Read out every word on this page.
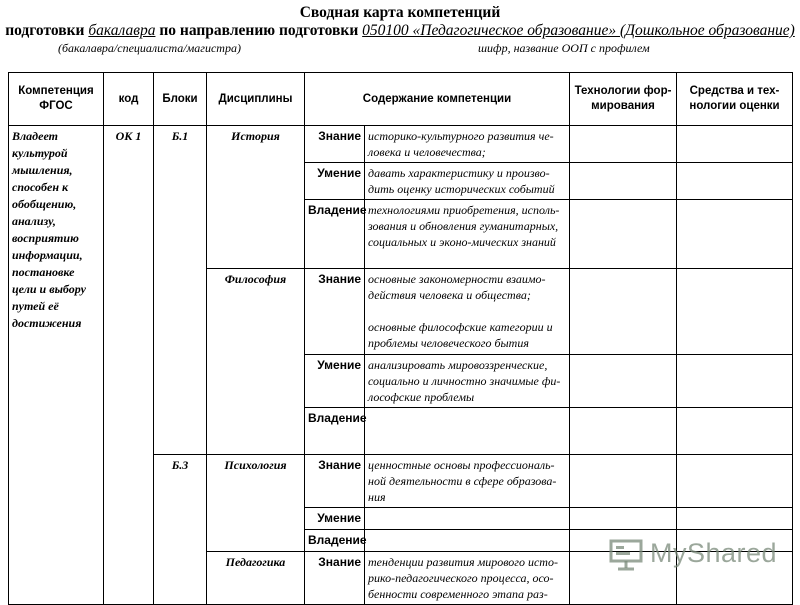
Сводная карта компетенций
подготовки бакалавра по направлению подготовки 050100 «Педагогическое образование» (Дошкольное образование)
(бакалавра/специалиста/магистра)	шифр, название ООП с профилем
Компетенция ФГОС	код	Блоки	Дисциплины	Содержание компетенции		Технологии фор-мирования	Средства и тех-нологии оценки
Владеет культурой мышления, способен к обобщению, анализу, восприятию информации, постановке цели и выбору путей её достижения	ОК 1	Б.1	История	Знание	историко-культурного развития че-ловека и человечества;		
				Умение	давать характеристику и произво-дить оценку исторических событий		
				Владение	технологиями приобретения, исполь-зования и обновления гуманитарных, социальных и эконо-мических знаний		
			Философия	Знание	основные закономерности взаимо-действия человека и общества;
основные философские категории и проблемы человеческого бытия		

				Умение	анализировать мировоззренческие, социально и личностно значимые фи-лософские проблемы		
				Владение			
		Б.3	Психология	Знание	ценностные основы профессиональ-ной деятельности в сфере образова-ния		
				Умение			
				Владение			
			Педагогика	Знание	тенденции развития мирового исто-рико-педагогического процесса, осо-бенности современного этапа раз-		
MyShared
